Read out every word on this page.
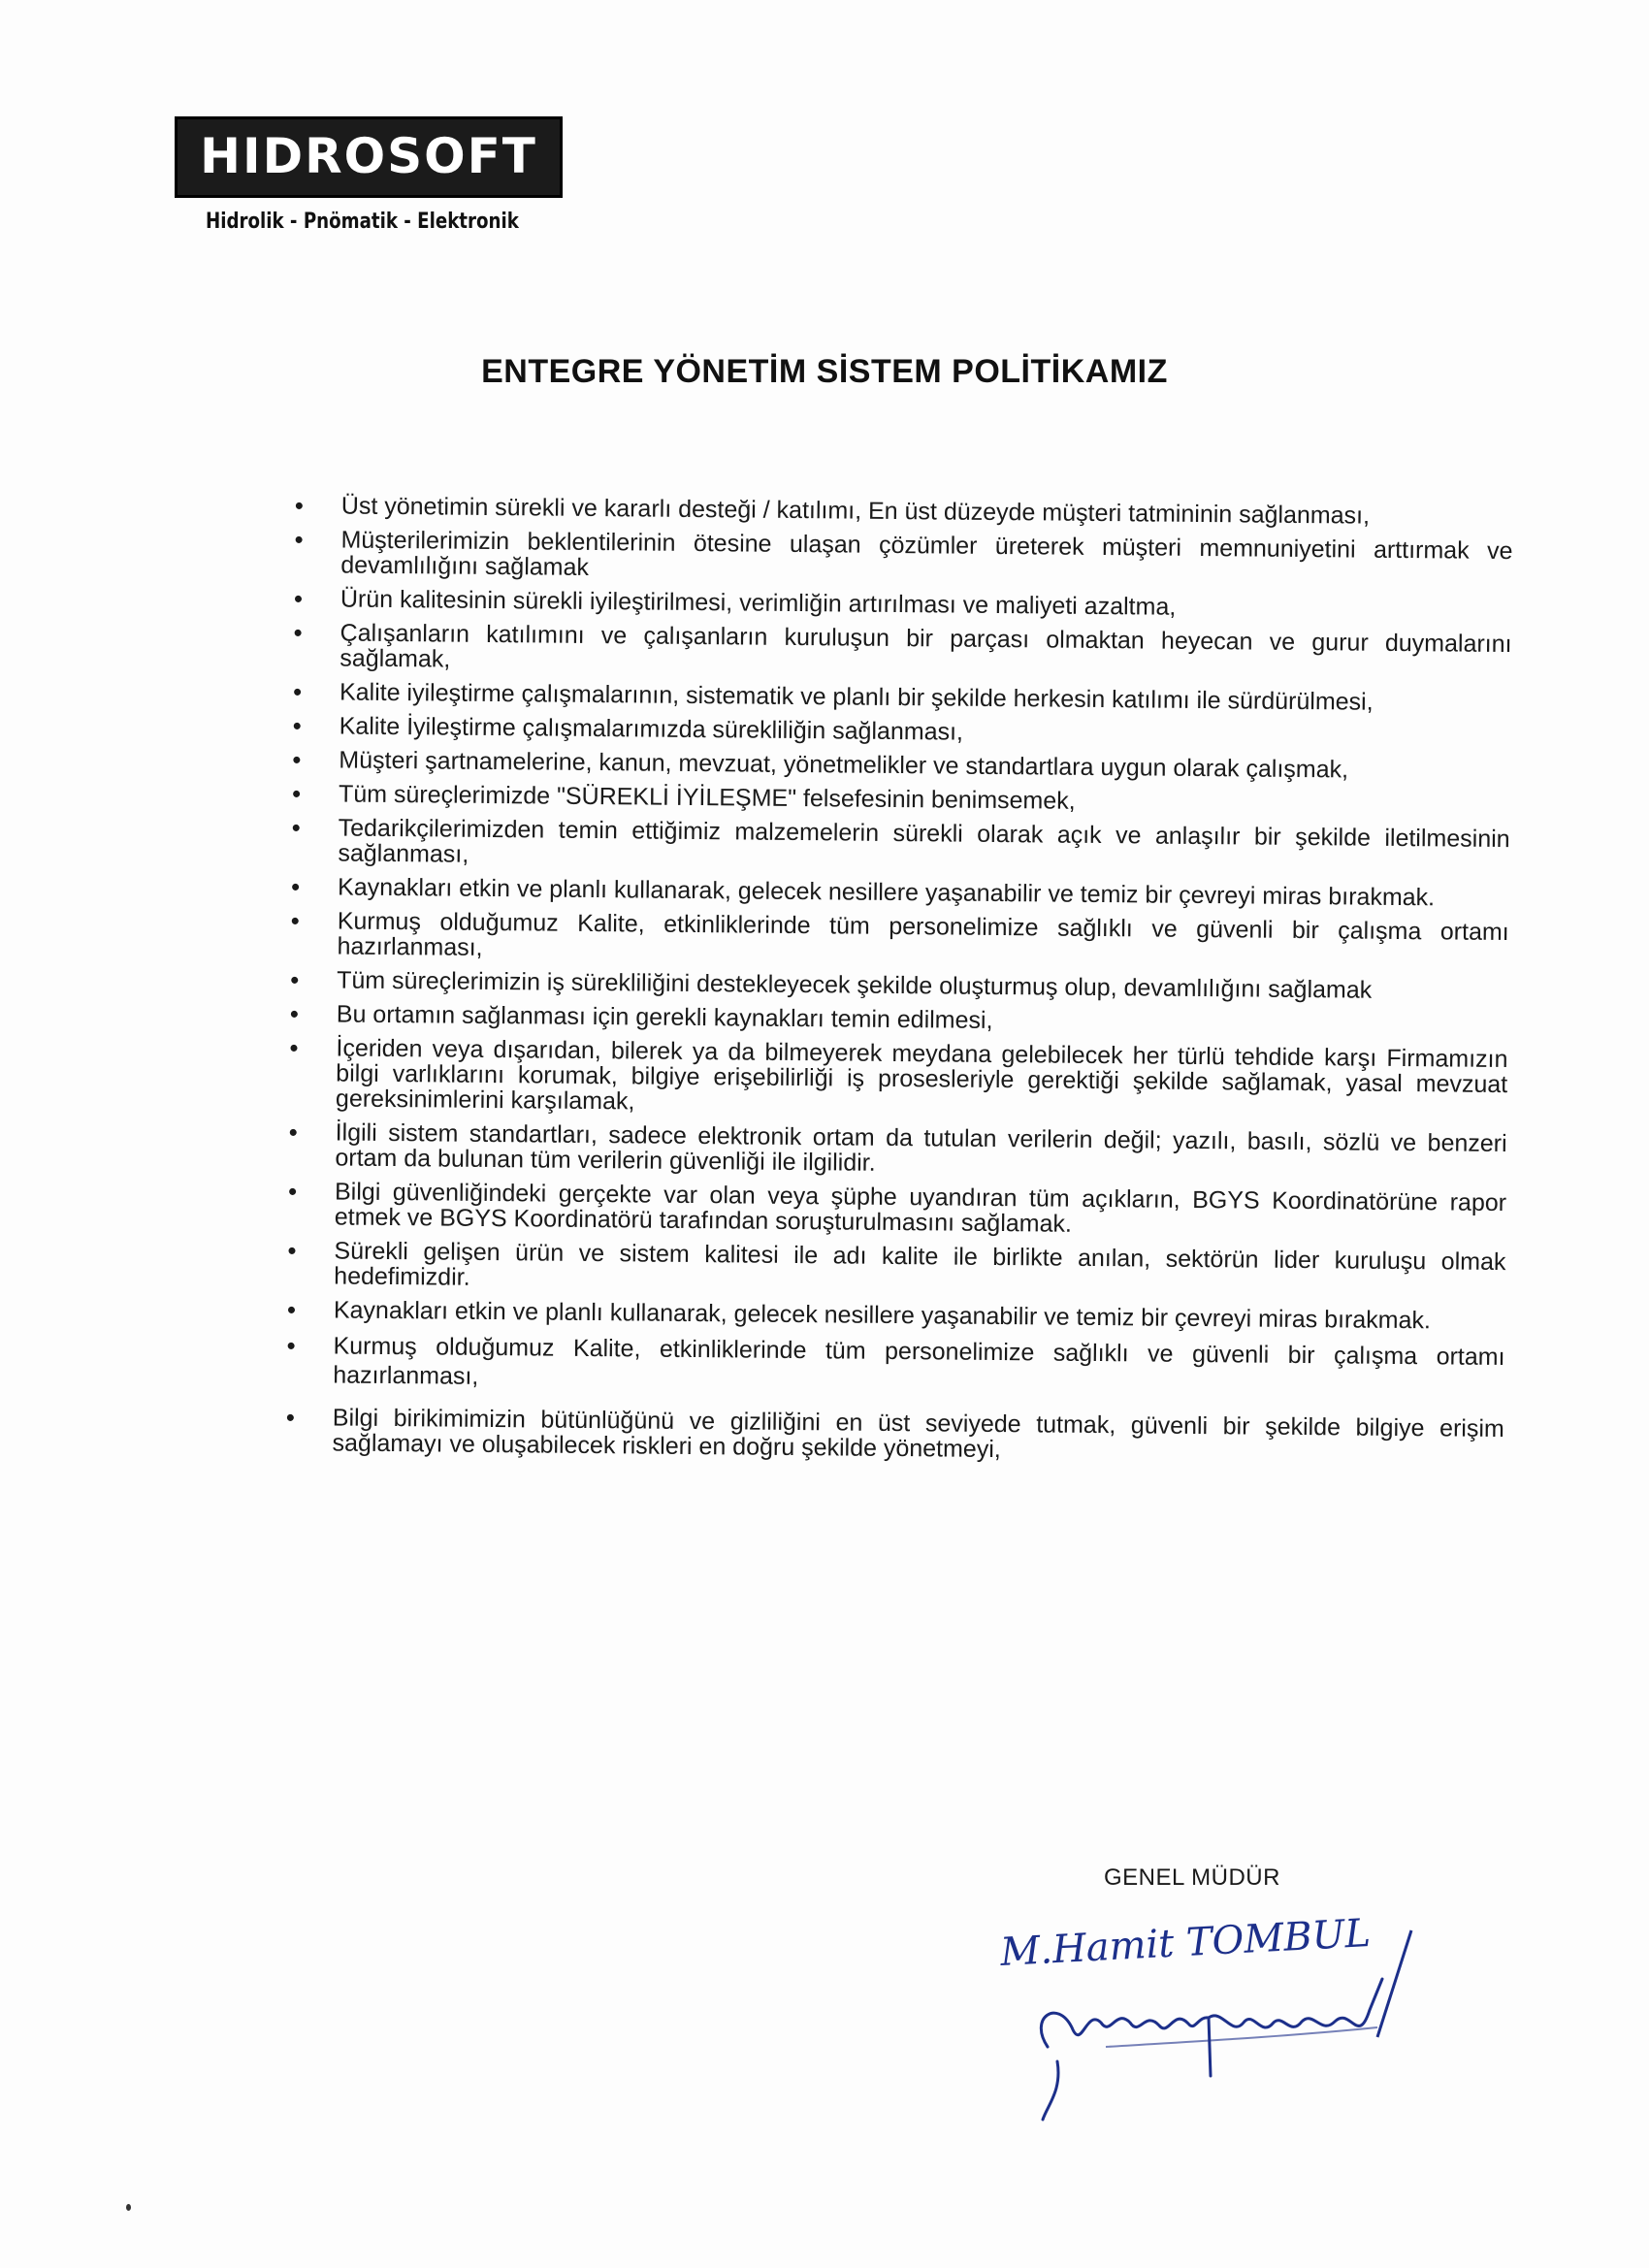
HIDROSOFT
Hidrolik - Pnömatik - Elektronik
ENTEGRE YÖNETİM SİSTEM POLİTİKAMIZ
• Üst yönetimin sürekli ve kararlı desteği / katılımı, En üst düzeyde müşteri tatmininin sağlanması,
• Müşterilerimizin beklentilerinin ötesine ulaşan çözümler üreterek müşteri memnuniyetini arttırmak ve devamlılığını sağlamak
• Ürün kalitesinin sürekli iyileştirilmesi, verimliğin artırılması ve maliyeti azaltma,
• Çalışanların katılımını ve çalışanların kuruluşun bir parçası olmaktan heyecan ve gurur duymalarını sağlamak,
• Kalite iyileştirme çalışmalarının, sistematik ve planlı bir şekilde herkesin katılımı ile sürdürülmesi,
• Kalite İyileştirme çalışmalarımızda sürekliliğin sağlanması,
• Müşteri şartnamelerine, kanun, mevzuat, yönetmelikler ve standartlara uygun olarak çalışmak,
• Tüm süreçlerimizde "SÜREKLİ İYİLEŞME" felsefesinin benimsemek,
• Tedarikçilerimizden temin ettiğimiz malzemelerin sürekli olarak açık ve anlaşılır bir şekilde iletilmesinin sağlanması,
• Kaynakları etkin ve planlı kullanarak, gelecek nesillere yaşanabilir ve temiz bir çevreyi miras bırakmak.
• Kurmuş olduğumuz Kalite, etkinliklerinde tüm personelimize sağlıklı ve güvenli bir çalışma ortamı hazırlanması,
• Tüm süreçlerimizin iş sürekliliğini destekleyecek şekilde oluşturmuş olup, devamlılığını sağlamak
• Bu ortamın sağlanması için gerekli kaynakları temin edilmesi,
• İçeriden veya dışarıdan, bilerek ya da bilmeyerek meydana gelebilecek her türlü tehdide karşı Firmamızın bilgi varlıklarını korumak, bilgiye erişebilirliği iş prosesleriyle gerektiği şekilde sağlamak, yasal mevzuat gereksinimlerini karşılamak,
• İlgili sistem standartları, sadece elektronik ortam da tutulan verilerin değil; yazılı, basılı, sözlü ve benzeri ortam da bulunan tüm verilerin güvenliği ile ilgilidir.
• Bilgi güvenliğindeki gerçekte var olan veya şüphe uyandıran tüm açıkların, BGYS Koordinatörüne rapor etmek ve BGYS Koordinatörü tarafından soruşturulmasını sağlamak.
• Sürekli gelişen ürün ve sistem kalitesi ile adı kalite ile birlikte anılan, sektörün lider kuruluşu olmak hedefimizdir.
• Kaynakları etkin ve planlı kullanarak, gelecek nesillere yaşanabilir ve temiz bir çevreyi miras bırakmak.
• Kurmuş olduğumuz Kalite, etkinliklerinde tüm personelimize sağlıklı ve güvenli bir çalışma ortamı hazırlanması,
• Bilgi birikimimizin bütünlüğünü ve gizliliğini en üst seviyede tutmak, güvenli bir şekilde bilgiye erişim sağlamayı ve oluşabilecek riskleri en doğru şekilde yönetmeyi,
GENEL MÜDÜR
M.Hamit TOMBUL
